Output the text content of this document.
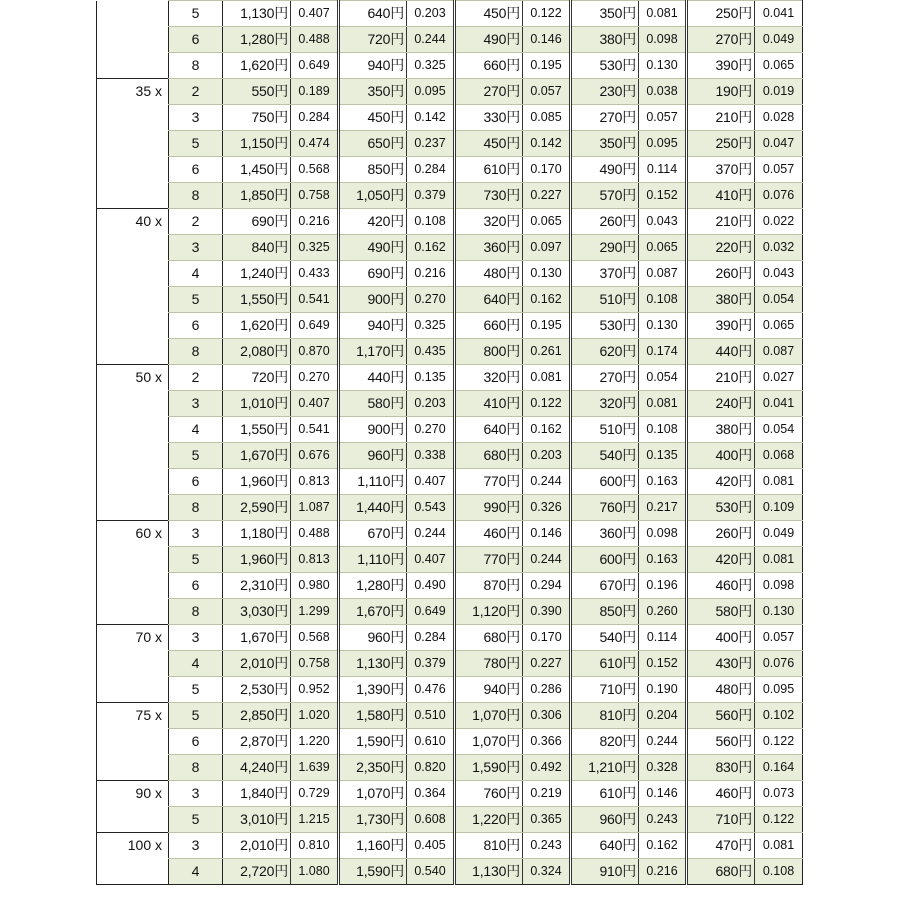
	5	1,130円	0.407	640円	0.203	450円	0.122	350円	0.081	250円	0.041
	6	1,280円	0.488	720円	0.244	490円	0.146	380円	0.098	270円	0.049
	8	1,620円	0.649	940円	0.325	660円	0.195	530円	0.130	390円	0.065
35 x	2	550円	0.189	350円	0.095	270円	0.057	230円	0.038	190円	0.019
	3	750円	0.284	450円	0.142	330円	0.085	270円	0.057	210円	0.028
	5	1,150円	0.474	650円	0.237	450円	0.142	350円	0.095	250円	0.047
	6	1,450円	0.568	850円	0.284	610円	0.170	490円	0.114	370円	0.057
	8	1,850円	0.758	1,050円	0.379	730円	0.227	570円	0.152	410円	0.076
40 x	2	690円	0.216	420円	0.108	320円	0.065	260円	0.043	210円	0.022
	3	840円	0.325	490円	0.162	360円	0.097	290円	0.065	220円	0.032
	4	1,240円	0.433	690円	0.216	480円	0.130	370円	0.087	260円	0.043
	5	1,550円	0.541	900円	0.270	640円	0.162	510円	0.108	380円	0.054
	6	1,620円	0.649	940円	0.325	660円	0.195	530円	0.130	390円	0.065
	8	2,080円	0.870	1,170円	0.435	800円	0.261	620円	0.174	440円	0.087
50 x	2	720円	0.270	440円	0.135	320円	0.081	270円	0.054	210円	0.027
	3	1,010円	0.407	580円	0.203	410円	0.122	320円	0.081	240円	0.041
	4	1,550円	0.541	900円	0.270	640円	0.162	510円	0.108	380円	0.054
	5	1,670円	0.676	960円	0.338	680円	0.203	540円	0.135	400円	0.068
	6	1,960円	0.813	1,110円	0.407	770円	0.244	600円	0.163	420円	0.081
	8	2,590円	1.087	1,440円	0.543	990円	0.326	760円	0.217	530円	0.109
60 x	3	1,180円	0.488	670円	0.244	460円	0.146	360円	0.098	260円	0.049
	5	1,960円	0.813	1,110円	0.407	770円	0.244	600円	0.163	420円	0.081
	6	2,310円	0.980	1,280円	0.490	870円	0.294	670円	0.196	460円	0.098
	8	3,030円	1.299	1,670円	0.649	1,120円	0.390	850円	0.260	580円	0.130
70 x	3	1,670円	0.568	960円	0.284	680円	0.170	540円	0.114	400円	0.057
	4	2,010円	0.758	1,130円	0.379	780円	0.227	610円	0.152	430円	0.076
	5	2,530円	0.952	1,390円	0.476	940円	0.286	710円	0.190	480円	0.095
75 x	5	2,850円	1.020	1,580円	0.510	1,070円	0.306	810円	0.204	560円	0.102
	6	2,870円	1.220	1,590円	0.610	1,070円	0.366	820円	0.244	560円	0.122
	8	4,240円	1.639	2,350円	0.820	1,590円	0.492	1,210円	0.328	830円	0.164
90 x	3	1,840円	0.729	1,070円	0.364	760円	0.219	610円	0.146	460円	0.073
	5	3,010円	1.215	1,730円	0.608	1,220円	0.365	960円	0.243	710円	0.122
100 x	3	2,010円	0.810	1,160円	0.405	810円	0.243	640円	0.162	470円	0.081
	4	2,720円	1.080	1,590円	0.540	1,130円	0.324	910円	0.216	680円	0.108
